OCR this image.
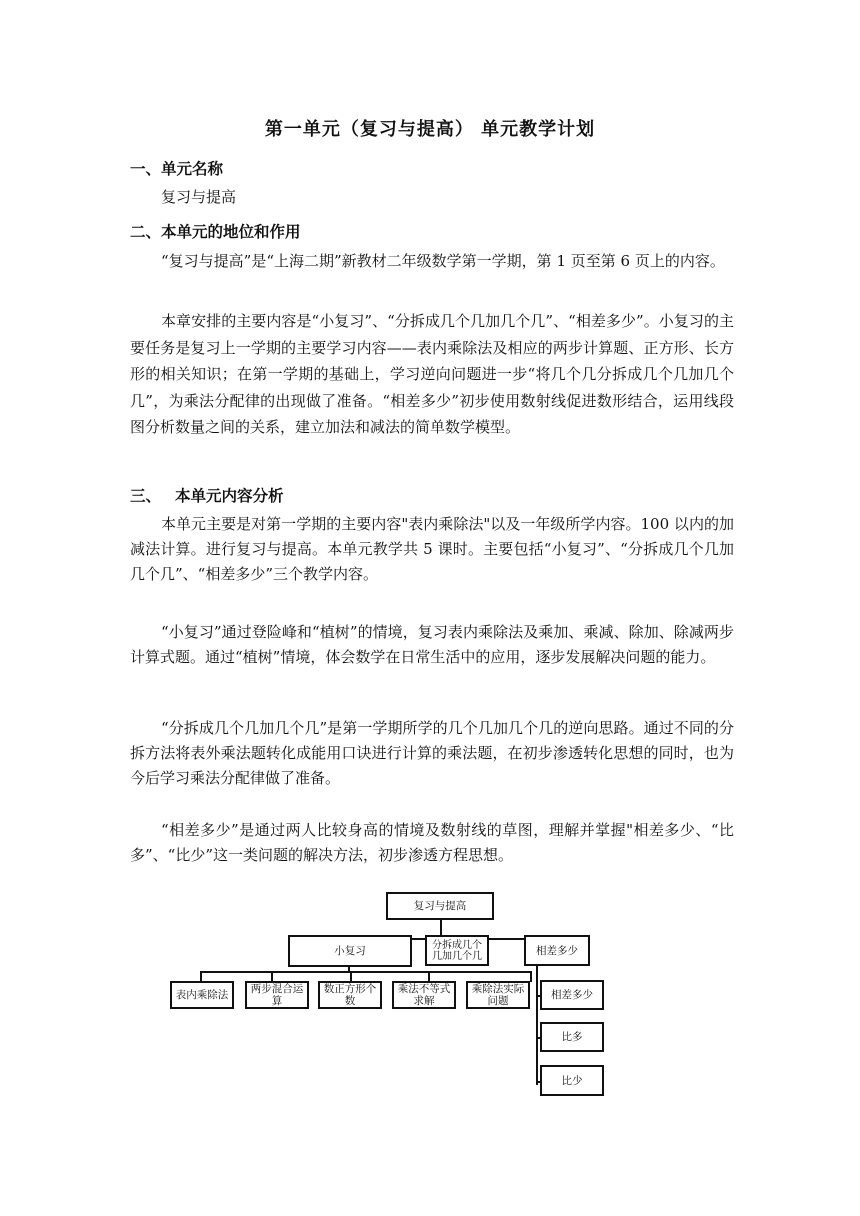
第一单元（复习与提高） 单元教学计划

一、单元名称

复习与提高

二、本单元的地位和作用

“复习与提高”是“上海二期”新教材二年级数学第一学期，第 1 页至第 6 页上的内容。

本章安排的主要内容是“小复习”、“分拆成几个几加几个几”、“相差多少”。小复习的主要任务是复习上一学期的主要学习内容——表内乘除法及相应的两步计算题、正方形、长方形的相关知识；在第一学期的基础上，学习逆向问题进一步“将几个几分拆成几个几加几个几”，为乘法分配律的出现做了准备。“相差多少”初步使用数射线促进数形结合，运用线段图分析数量之间的关系，建立加法和减法的简单数学模型。

三、 本单元内容分析

本单元主要是对第一学期的主要内容"表内乘除法"以及一年级所学内容。100 以内的加减法计算。进行复习与提高。本单元教学共 5 课时。主要包括“小复习”、“分拆成几个几加几个几”、“相差多少”三个教学内容。

“小复习”通过登险峰和“植树”的情境，复习表内乘除法及乘加、乘减、除加、除减两步计算式题。通过“植树”情境，体会数学在日常生活中的应用，逐步发展解决问题的能力。

“分拆成几个几加几个几”是第一学期所学的几个几加几个几的逆向思路。通过不同的分拆方法将表外乘法题转化成能用口诀进行计算的乘法题，在初步渗透转化思想的同时，也为今后学习乘法分配律做了准备。

“相差多少”是通过两人比较身高的情境及数射线的草图，理解并掌握"相差多少、“比多”、“比少”这一类问题的解决方法，初步渗透方程思想。

复习与提高
小复习	分拆成几个几加几个几	相差多少
表内乘除法	两步混合运算
数正方形个数
乘法不等式求解
乘除法实际问题	相差多少
比多
比少
